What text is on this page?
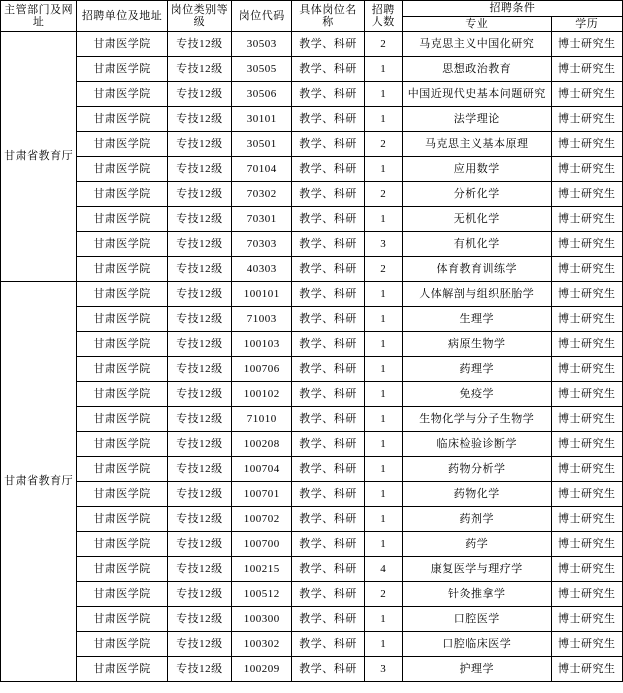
主管部门及网址	招聘单位及地址	岗位类别等级	岗位代码	具体岗位名称	招聘人数	招聘条件	
						专业	学历
甘肃省教育厅	甘肃医学院	专技12级	30503	教学、科研	2	马克思主义中国化研究	博士研究生
	甘肃医学院	专技12级	30505	教学、科研	1	思想政治教育	博士研究生
	甘肃医学院	专技12级	30506	教学、科研	1	中国近现代史基本问题研究	博士研究生
	甘肃医学院	专技12级	30101	教学、科研	1	法学理论	博士研究生
	甘肃医学院	专技12级	30501	教学、科研	2	马克思主义基本原理	博士研究生
	甘肃医学院	专技12级	70104	教学、科研	1	应用数学	博士研究生
	甘肃医学院	专技12级	70302	教学、科研	2	分析化学	博士研究生
	甘肃医学院	专技12级	70301	教学、科研	1	无机化学	博士研究生
	甘肃医学院	专技12级	70303	教学、科研	3	有机化学	博士研究生
	甘肃医学院	专技12级	40303	教学、科研	2	体育教育训练学	博士研究生
甘肃省教育厅	甘肃医学院	专技12级	100101	教学、科研	1	人体解剖与组织胚胎学	博士研究生
	甘肃医学院	专技12级	71003	教学、科研	1	生理学	博士研究生
	甘肃医学院	专技12级	100103	教学、科研	1	病原生物学	博士研究生
	甘肃医学院	专技12级	100706	教学、科研	1	药理学	博士研究生
	甘肃医学院	专技12级	100102	教学、科研	1	免疫学	博士研究生
	甘肃医学院	专技12级	71010	教学、科研	1	生物化学与分子生物学	博士研究生
	甘肃医学院	专技12级	100208	教学、科研	1	临床检验诊断学	博士研究生
	甘肃医学院	专技12级	100704	教学、科研	1	药物分析学	博士研究生
	甘肃医学院	专技12级	100701	教学、科研	1	药物化学	博士研究生
	甘肃医学院	专技12级	100702	教学、科研	1	药剂学	博士研究生
	甘肃医学院	专技12级	100700	教学、科研	1	药学	博士研究生
	甘肃医学院	专技12级	100215	教学、科研	4	康复医学与理疗学	博士研究生
	甘肃医学院	专技12级	100512	教学、科研	2	针灸推拿学	博士研究生
	甘肃医学院	专技12级	100300	教学、科研	1	口腔医学	博士研究生
	甘肃医学院	专技12级	100302	教学、科研	1	口腔临床医学	博士研究生
	甘肃医学院	专技12级	100209	教学、科研	3	护理学	博士研究生
